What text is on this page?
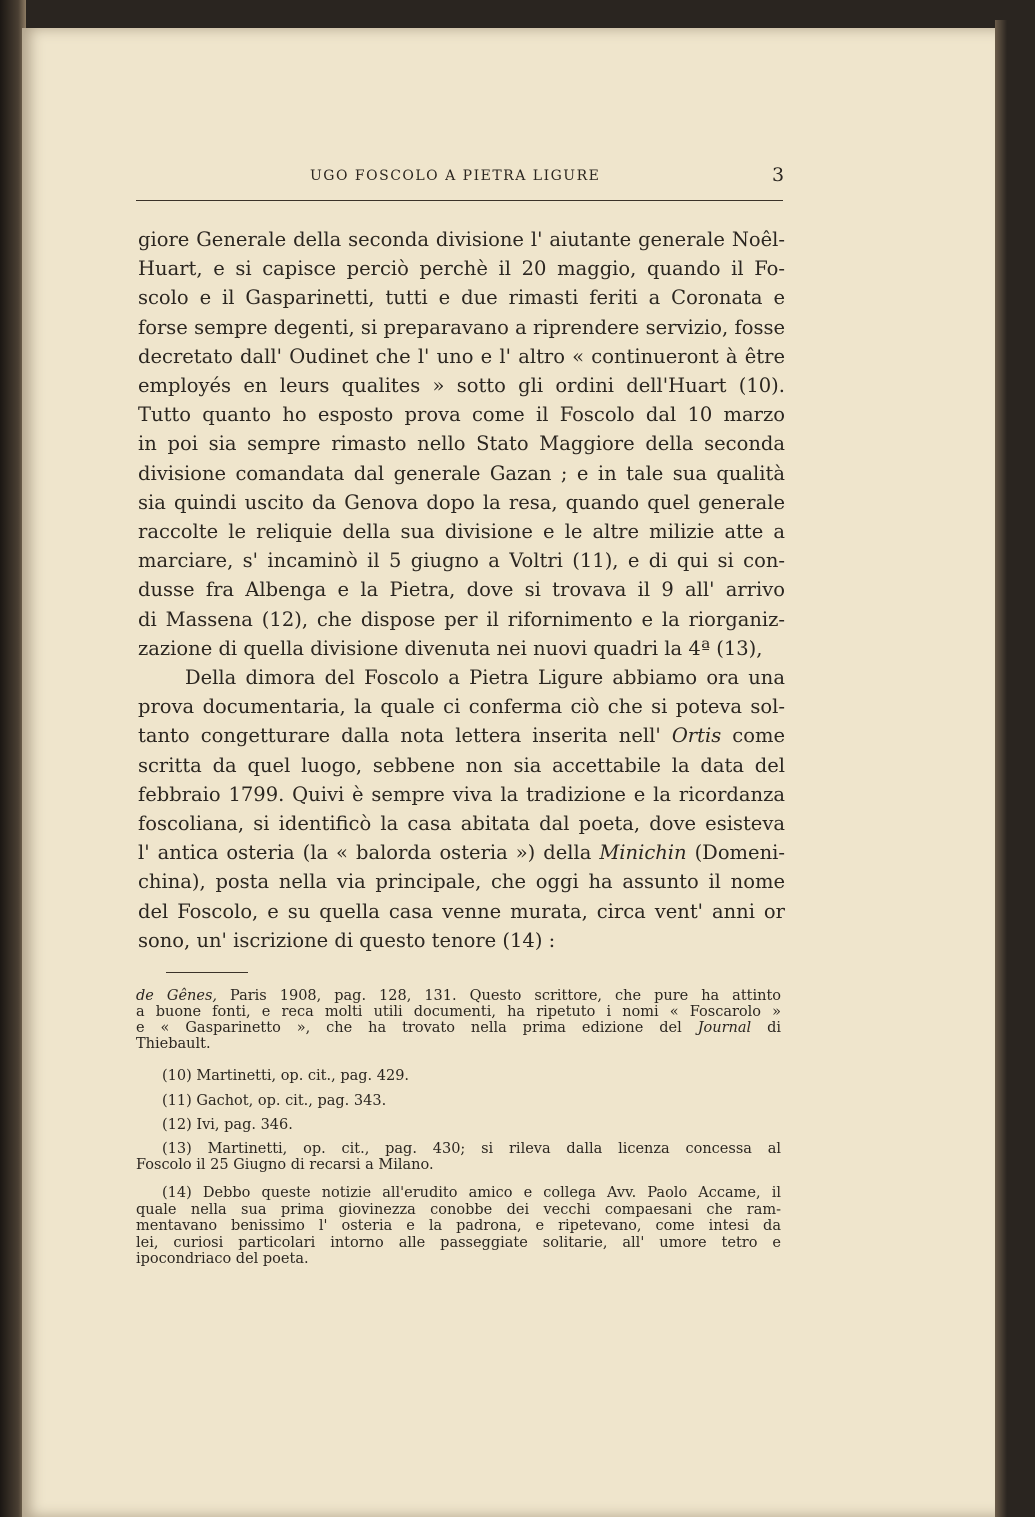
UGO FOSCOLO A PIETRA LIGURE	3
giore Generale della seconda divisione l' aiutante generale Noêl-
Huart, e si capisce perciò perchè il 20 maggio, quando il Fo-
scolo e il Gasparinetti, tutti e due rimasti feriti a Coronata e
forse sempre degenti, si preparavano a riprendere servizio, fosse
decretato dall' Oudinet che l' uno e l' altro « continueront à être
employés en leurs qualites » sotto gli ordini dell'Huart (10).
Tutto quanto ho esposto prova come il Foscolo dal 10 marzo
in poi sia sempre rimasto nello Stato Maggiore della seconda
divisione comandata dal generale Gazan ; e in tale sua qualità
sia quindi uscito da Genova dopo la resa, quando quel generale
raccolte le reliquie della sua divisione e le altre milizie atte a
marciare, s' incaminò il 5 giugno a Voltri (11), e di qui si con-
dusse fra Albenga e la Pietra, dove si trovava il 9 all' arrivo
di Massena (12), che dispose per il rifornimento e la riorganiz-
zazione di quella divisione divenuta nei nuovi quadri la 4ª (13),
Della dimora del Foscolo a Pietra Ligure abbiamo ora una
prova documentaria, la quale ci conferma ciò che si poteva sol-
tanto congetturare dalla nota lettera inserita nell' Ortis come
scritta da quel luogo, sebbene non sia accettabile la data del
febbraio 1799. Quivi è sempre viva la tradizione e la ricordanza
foscoliana, si identificò la casa abitata dal poeta, dove esisteva
l' antica osteria (la « balorda osteria ») della Minichin (Domeni-
china), posta nella via principale, che oggi ha assunto il nome
del Foscolo, e su quella casa venne murata, circa vent' anni or
sono, un' iscrizione di questo tenore (14) :
de Gênes, Paris 1908, pag. 128, 131. Questo scrittore, che pure ha attinto
a buone fonti, e reca molti utili documenti, ha ripetuto i nomi « Foscarolo »
e « Gasparinetto », che ha trovato nella prima edizione del Journal di
Thiebault.
(10) Martinetti, op. cit., pag. 429.
(11) Gachot, op. cit., pag. 343.
(12) Ivi, pag. 346.
(13) Martinetti, op. cit., pag. 430; si rileva dalla licenza concessa al
Foscolo il 25 Giugno di recarsi a Milano.
(14) Debbo queste notizie all'erudito amico e collega Avv. Paolo Accame, il
quale nella sua prima giovinezza conobbe dei vecchi compaesani che ram-
mentavano benissimo l' osteria e la padrona, e ripetevano, come intesi da
lei, curiosi particolari intorno alle passeggiate solitarie, all' umore tetro e
ipocondriaco del poeta.
